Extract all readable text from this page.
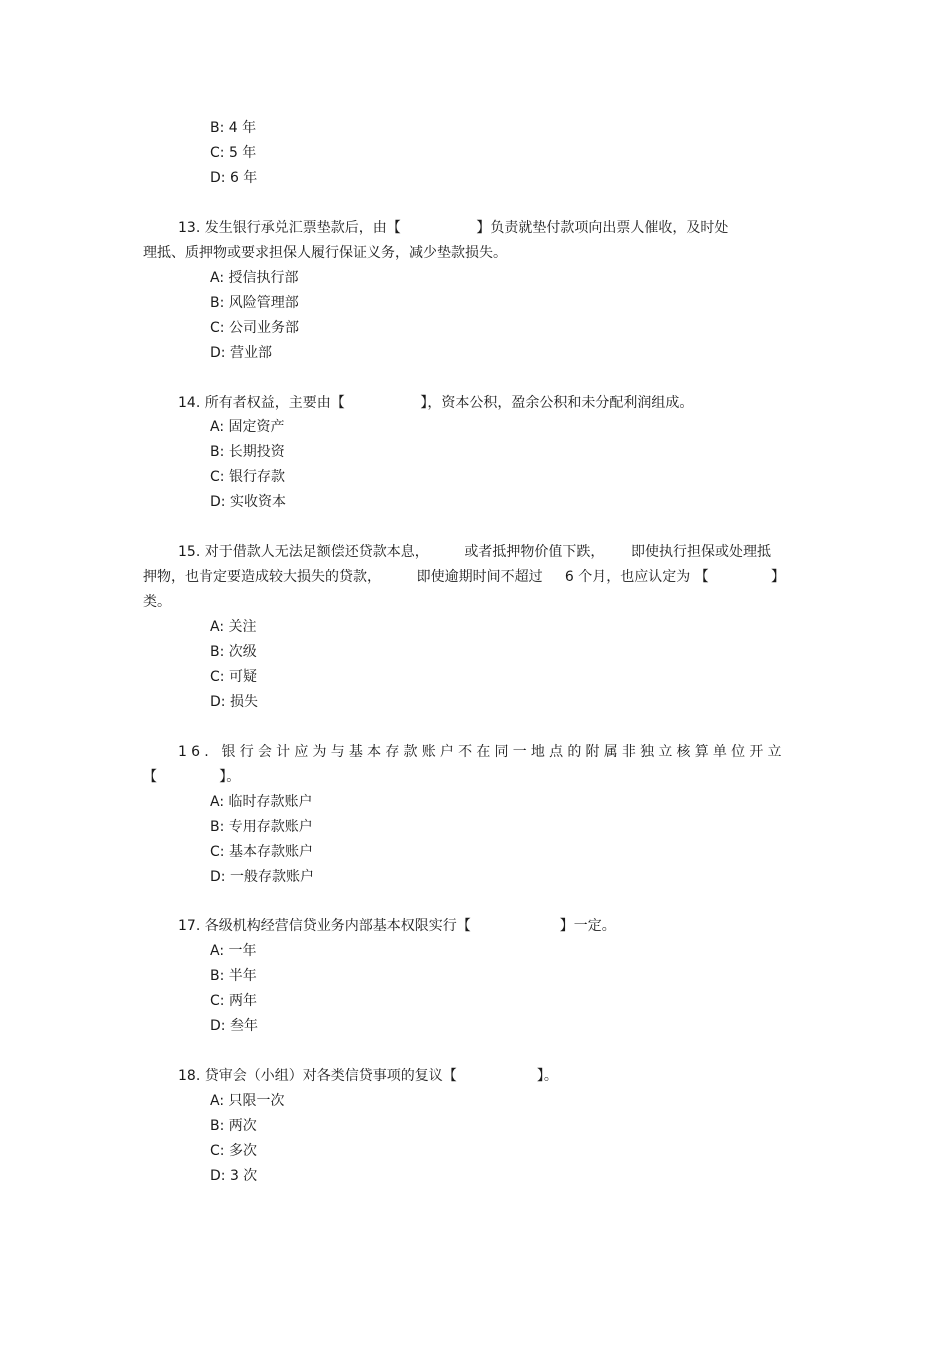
B: 4 年
C: 5 年
D: 6 年
13. 发生银行承兑汇票垫款后，由【                 】负责就垫付款项向出票人催收，及时处
理抵、质押物或要求担保人履行保证义务，减少垫款损失。
A: 授信执行部
B: 风险管理部
C: 公司业务部
D: 营业部
14. 所有者权益，主要由【                 】，资本公积，盈余公积和未分配利润组成。
A: 固定资产
B: 长期投资
C: 银行存款
D: 实收资本
15. 对于借款人无法足额偿还贷款本息，        或者抵押物价值下跌，      即使执行担保或处理抵
押物，也肯定要造成较大损失的贷款，        即使逾期时间不超过     6 个月，也应认定为 【              】
类。
A: 关注
B: 次级
C: 可疑
D: 损失
16. 银行会计应为与基本存款账户不在同一地点的附属非独立核算单位开立
【              】。
A: 临时存款账户
B: 专用存款账户
C: 基本存款账户
D: 一般存款账户
17. 各级机构经营信贷业务内部基本权限实行【                    】一定。
A: 一年
B: 半年
C: 两年
D: 叁年
18. 贷审会（小组）对各类信贷事项的复议【                  】。
A: 只限一次
B: 两次
C: 多次
D: 3 次
